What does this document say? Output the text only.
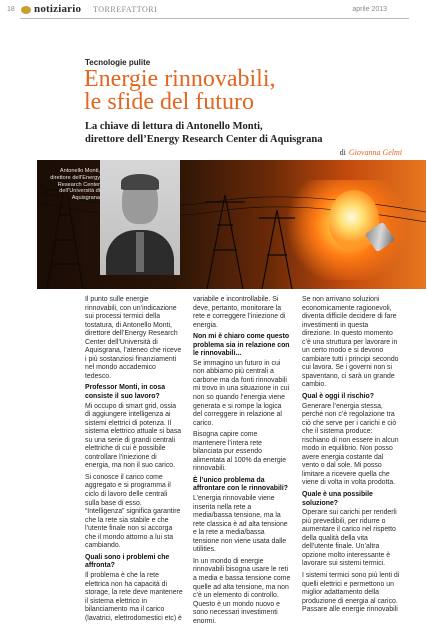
18 notiziario TORREFATTORI	aprile 2013
Tecnologie pulite
Energie rinnovabili,
le sfide del futuro
La chiave di lettura di Antonello Monti,
direttore dell’Energy Research Center di Aquisgrana
di Giovanna Gelmi
Antonello Monti,
direttore dell’Energy
Research Center
dell’Università di
Aquisgrana

Il punto sulle energie rinnovabili, con un’indicazione sui processi termici della tostatura, di Antonello Monti, direttore dell’Energy Research Center dell’Università di Aquisgrana, l’ateneo che riceve i più sostanziosi finanziamenti nel mondo accademico tedesco.

Professor Monti, in cosa consiste il suo lavoro?

Mi occupo di smart grid, ossia di aggiungere intelligenza ai sistemi elettrici di potenza. Il sistema elettrico attuale si basa su una serie di grandi centrali elettriche di cui è possibile controllare l’iniezione di energia, ma non il suo carico.

Si conosce il carico come aggregato e si programma il ciclo di lavoro delle centrali sulla base di esso. “Intelligenza” significa garantire che la rete sia stabile e che l’utente finale non si accorga che il mondo attorno a lui sta cambiando.

Quali sono i problemi che affronta?

Il problema è che la rete elettrica non ha capacità di storage, la rete deve mantenere il sistema elettrico in bilanciamento ma il carico (lavatrici, elettrodomestici etc) è

variabile e incontrollabile. Si deve, pertanto, monitorare la rete e correggere l’iniezione di energia.

Non mi è chiaro come questo problema sia in relazione con le rinnovabili...

Se immagino un futuro in cui non abbiamo più centrali a carbone ma da fonti rinnovabili mi trovo in una situazione in cui non so quando l’energia viene generata e si rompe la logica del correggere in relazione al carico.

Bisogna capire come mantenere l’intera rete bilanciata pur essendo alimentata al 100% da energie rinnovabili.

È l’unico problema da affrontare con le rinnovabili?

L’energia rinnovabile viene inserita nella rete a media/bassa tensione, ma la rete classica è ad alta tensione e la rete a media/bassa tensione non viene usata dalle utilities.

In un mondo di energie rinnovabili bisogna usare le reti a media e bassa tensione come quelle ad alta tensione, ma non c’è un elemento di controllo. Questo è un mondo nuovo e sono necessari investimenti enormi.

Se non arrivano soluzioni economicamente ragionevoli, diventa difficile decidere di fare investimenti in questa direzione. In questo momento c’è una struttura per lavorare in un certo modo e si devono cambiare tutti i principi secondo cui lavora. Se i governi non si spaventano, ci sarà un grande cambio.

Qual è oggi il rischio?

Generare l’energia stessa, perché non c’è regolazione tra ciò che serve per i carichi e ciò che il sistema produce: rischiano di non essere in alcun modo in equilibrio. Non posso avere energia costante dal vento o dal sole. Mi posso limitare a ricevere quella che viene di volta in volta prodotta.

Quale è una possibile soluzione?

Operare sui carichi per renderli più prevedibili, per ridurre o aumentare il carico nel rispetto della qualità della vita dell’utente finale. Un’altra opzione molto interessante è lavorare sui sistemi termici.

I sistemi termici sono più lenti di quelli elettrici e permettono un miglior adattamento della produzione di energia al carico. Passare alle energie rinnovabili
